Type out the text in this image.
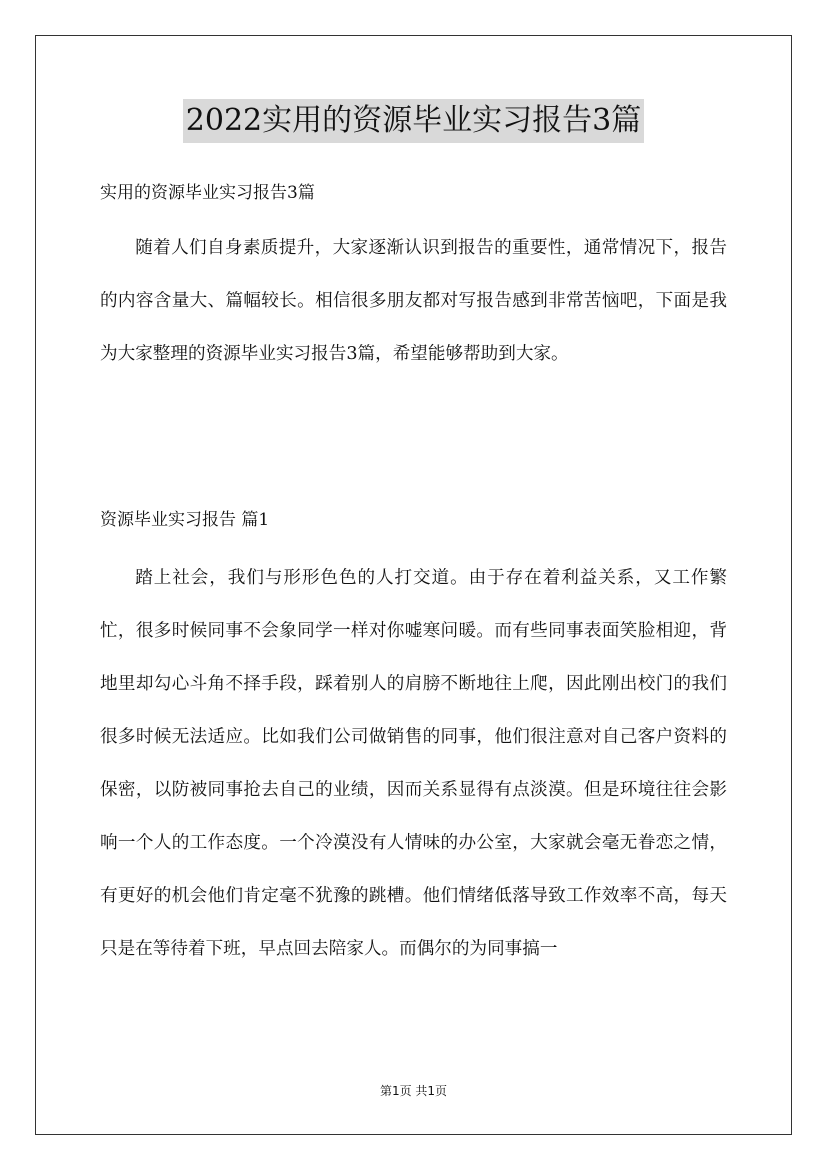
2022实用的资源毕业实习报告3篇
实用的资源毕业实习报告3篇

随着人们自身素质提升，大家逐渐认识到报告的重要性，通常情况下，报告的内容含量大、篇幅较长。相信很多朋友都对写报告感到非常苦恼吧，下面是我为大家整理的资源毕业实习报告3篇，希望能够帮助到大家。

资源毕业实习报告 篇1

踏上社会，我们与形形色色的人打交道。由于存在着利益关系，又工作繁忙，很多时候同事不会象同学一样对你嘘寒问暖。而有些同事表面笑脸相迎，背地里却勾心斗角不择手段，踩着别人的肩膀不断地往上爬，因此刚出校门的我们很多时候无法适应。比如我们公司做销售的同事，他们很注意对自己客户资料的保密，以防被同事抢去自己的业绩，因而关系显得有点淡漠。但是环境往往会影响一个人的工作态度。一个冷漠没有人情味的办公室，大家就会毫无眷恋之情，有更好的机会他们肯定毫不犹豫的跳槽。他们情绪低落导致工作效率不高，每天只是在等待着下班，早点回去陪家人。而偶尔的为同事搞一

第1页 共1页
